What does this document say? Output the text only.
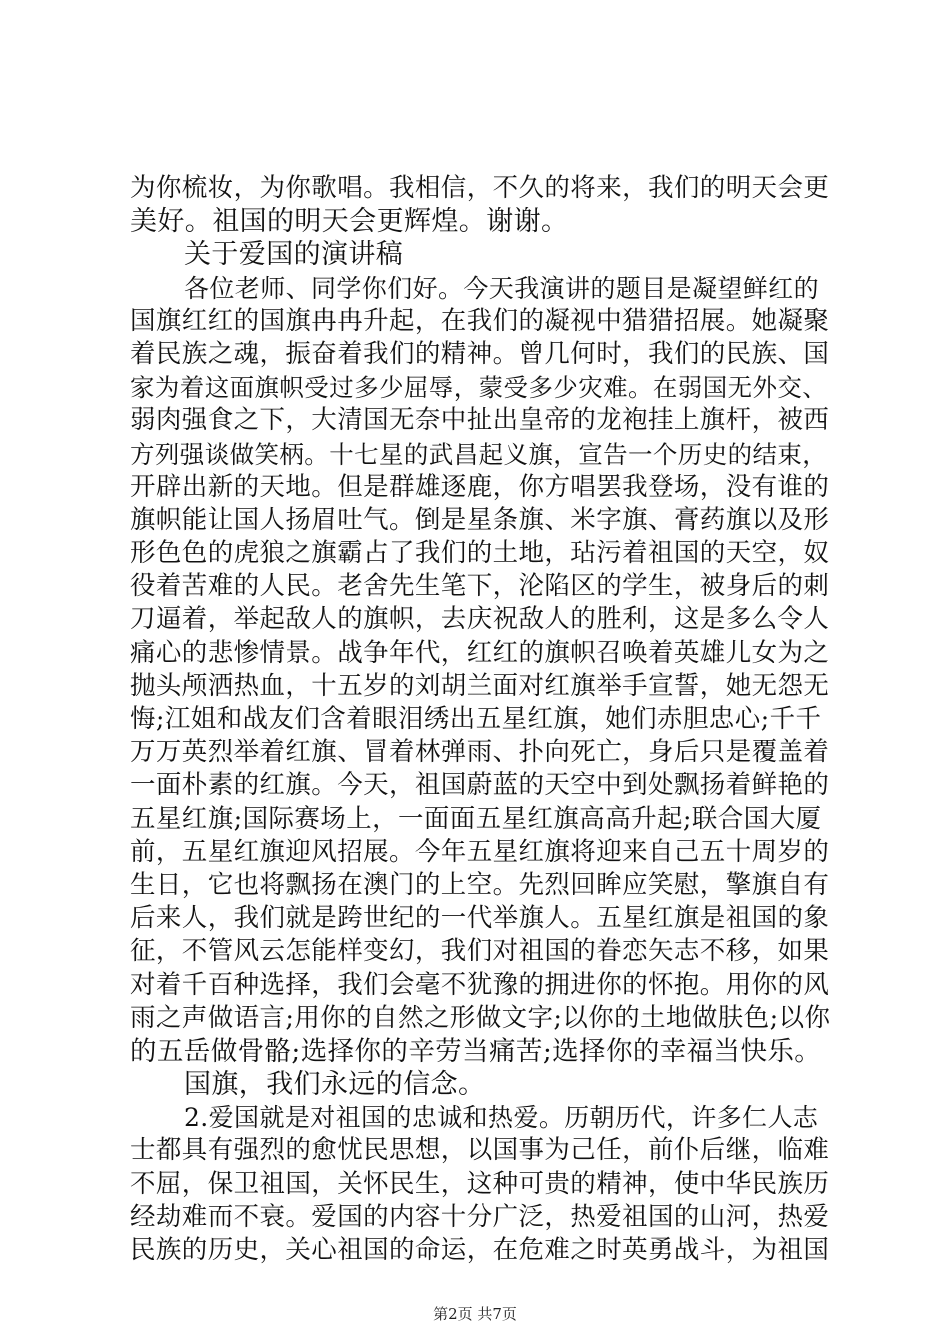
为你梳妆，为你歌唱。我相信，不久的将来，我们的明天会更
美好。祖国的明天会更辉煌。谢谢。
关于爱国的演讲稿
各位老师、同学你们好。今天我演讲的题目是凝望鲜红的
国旗红红的国旗冉冉升起，在我们的凝视中猎猎招展。她凝聚
着民族之魂，振奋着我们的精神。曾几何时，我们的民族、国
家为着这面旗帜受过多少屈辱，蒙受多少灾难。在弱国无外交、
弱肉强食之下，大清国无奈中扯出皇帝的龙袍挂上旗杆，被西
方列强谈做笑柄。十七星的武昌起义旗，宣告一个历史的结束，
开辟出新的天地。但是群雄逐鹿，你方唱罢我登场，没有谁的
旗帜能让国人扬眉吐气。倒是星条旗、米字旗、膏药旗以及形
形色色的虎狼之旗霸占了我们的土地，玷污着祖国的天空，奴
役着苦难的人民。老舍先生笔下，沦陷区的学生，被身后的刺
刀逼着，举起敌人的旗帜，去庆祝敌人的胜利，这是多么令人
痛心的悲惨情景。战争年代，红红的旗帜召唤着英雄儿女为之
抛头颅洒热血，十五岁的刘胡兰面对红旗举手宣誓，她无怨无
悔;江姐和战友们含着眼泪绣出五星红旗，她们赤胆忠心;千千
万万英烈举着红旗、冒着林弹雨、扑向死亡，身后只是覆盖着
一面朴素的红旗。今天，祖国蔚蓝的天空中到处飘扬着鲜艳的
五星红旗;国际赛场上，一面面五星红旗高高升起;联合国大厦
前，五星红旗迎风招展。今年五星红旗将迎来自己五十周岁的
生日，它也将飘扬在澳门的上空。先烈回眸应笑慰，擎旗自有
后来人，我们就是跨世纪的一代举旗人。五星红旗是祖国的象
征，不管风云怎能样变幻，我们对祖国的眷恋矢志不移，如果
对着千百种选择，我们会毫不犹豫的拥进你的怀抱。用你的风
雨之声做语言;用你的自然之形做文字;以你的土地做肤色;以你
的五岳做骨骼;选择你的辛劳当痛苦;选择你的幸福当快乐。
国旗，我们永远的信念。
2.爱国就是对祖国的忠诚和热爱。历朝历代，许多仁人志
士都具有强烈的愈忧民思想，以国事为己任，前仆后继，临难
不屈，保卫祖国，关怀民生，这种可贵的精神，使中华民族历
经劫难而不衰。爱国的内容十分广泛，热爱祖国的山河，热爱
民族的历史，关心祖国的命运，在危难之时英勇战斗，为祖国
第2页 共7页
